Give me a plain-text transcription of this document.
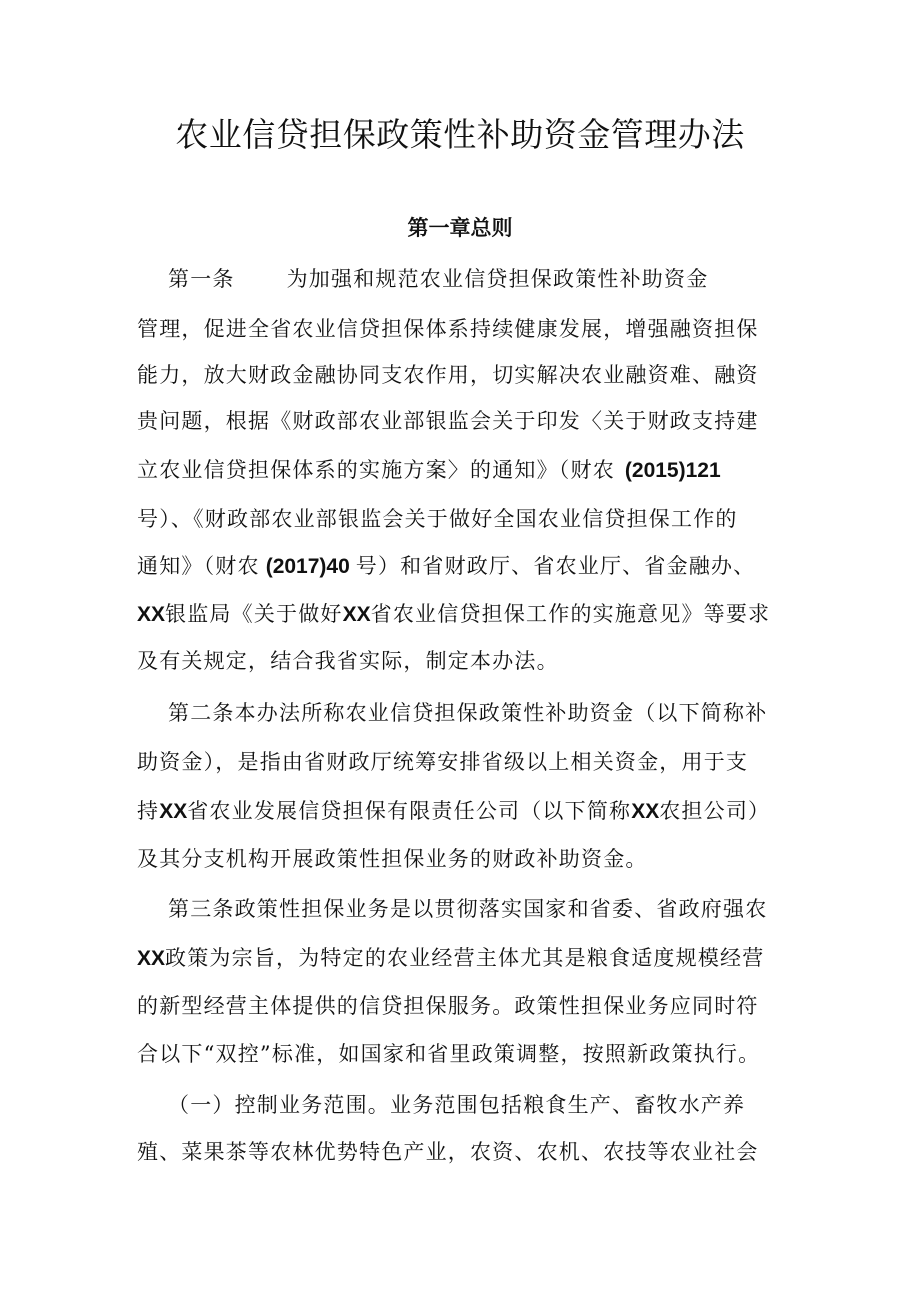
农业信贷担保政策性补助资金管理办法
第一章总则
第一条 为加强和规范农业信贷担保政策性补助资金
管理，促进全省农业信贷担保体系持续健康发展，增强融资担保
能力，放大财政金融协同支农作用，切实解决农业融资难、融资
贵问题，根据《财政部农业部银监会关于印发〈关于财政支持建
立农业信贷担保体系的实施方案〉的通知》（财农 (2015)121
号）、《财政部农业部银监会关于做好全国农业信贷担保工作的
通知》（财农 (2017)40 号）和省财政厅、省农业厅、省金融办、
XX银监局《关于做好XX省农业信贷担保工作的实施意见》等要求
及有关规定，结合我省实际，制定本办法。
第二条本办法所称农业信贷担保政策性补助资金（以下简称补
助资金），是指由省财政厅统筹安排省级以上相关资金，用于支
持XX省农业发展信贷担保有限责任公司（以下简称XX农担公司）
及其分支机构开展政策性担保业务的财政补助资金。
第三条政策性担保业务是以贯彻落实国家和省委、省政府强农
XX政策为宗旨，为特定的农业经营主体尤其是粮食适度规模经营
的新型经营主体提供的信贷担保服务。政策性担保业务应同时符
合以下“双控”标准，如国家和省里政策调整，按照新政策执行。
（一）控制业务范围。业务范围包括粮食生产、畜牧水产养
殖、菜果茶等农林优势特色产业，农资、农机、农技等农业社会
